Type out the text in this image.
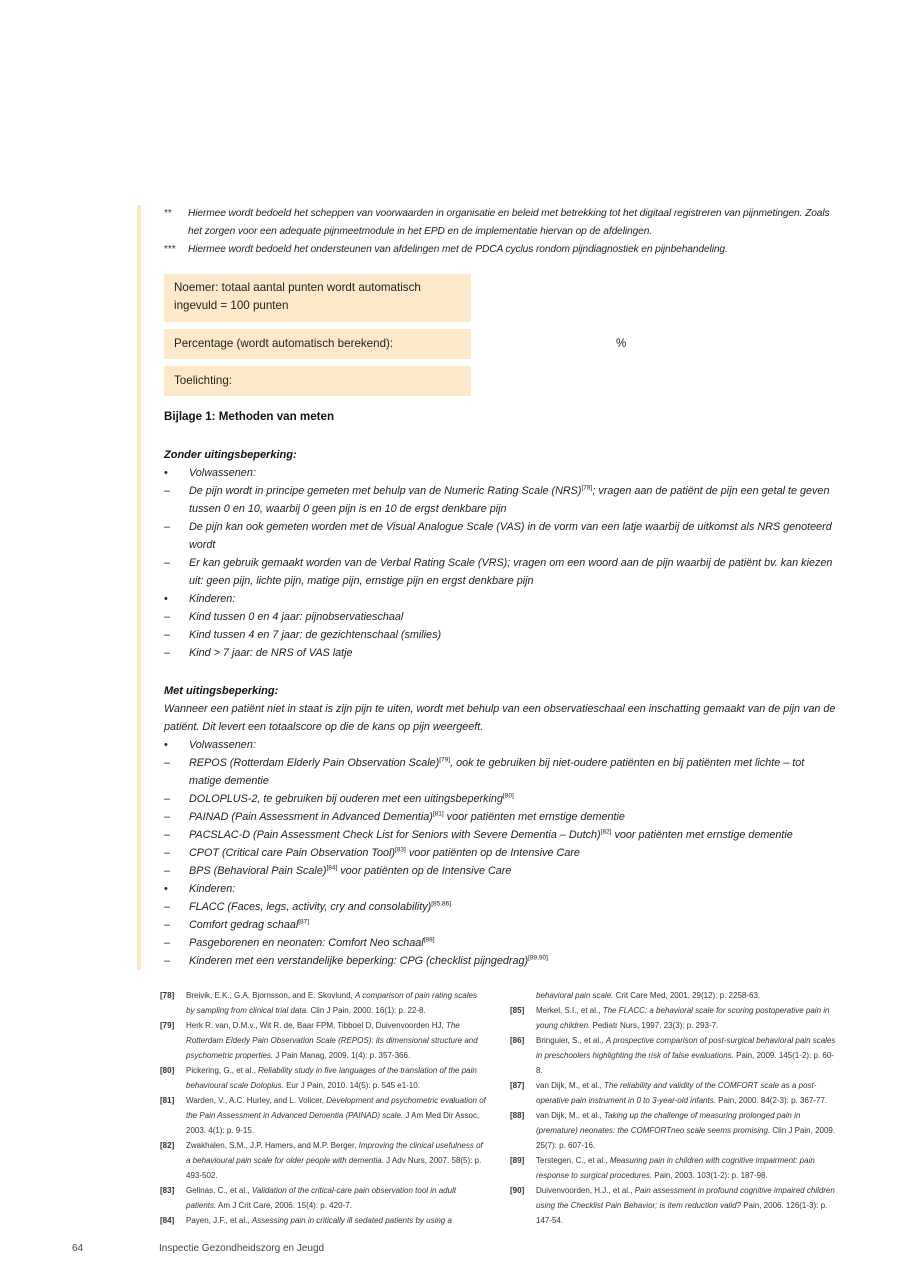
**	Hiermee wordt bedoeld het scheppen van voorwaarden in organisatie en beleid met betrekking tot het digitaal registreren van pijnmetingen. Zoals het zorgen voor een adequate pijnmeetmodule in het EPD en de implementatie hiervan op de afdelingen.
***	Hiermee wordt bedoeld het ondersteunen van afdelingen met de PDCA cyclus rondom pijndiagnostiek en pijnbehandeling.
Noemer: totaal aantal punten wordt automatisch ingevuld = 100 punten
Percentage (wordt automatisch berekend):	%
Toelichting:
Bijlage 1: Methoden van meten
Zonder uitingsbeperking:
•	Volwassenen:
–	De pijn wordt in principe gemeten met behulp van de Numeric Rating Scale (NRS)[78]; vragen aan de patiënt de pijn een getal te geven tussen 0 en 10, waarbij 0 geen pijn is en 10 de ergst denkbare pijn
–	De pijn kan ook gemeten worden met de Visual Analogue Scale (VAS) in de vorm van een latje waarbij de uitkomst als NRS genoteerd wordt
–	Er kan gebruik gemaakt worden van de Verbal Rating Scale (VRS); vragen om een woord aan de pijn waarbij de patiënt bv. kan kiezen uit: geen pijn, lichte pijn, matige pijn, ernstige pijn en ergst denkbare pijn
•	Kinderen:
–	Kind tussen 0 en 4 jaar: pijnobservatieschaal
–	Kind tussen 4 en 7 jaar: de gezichtenschaal (smilies)
–	Kind > 7 jaar: de NRS of VAS latje
Met uitingsbeperking:
Wanneer een patiënt niet in staat is zijn pijn te uiten, wordt met behulp van een observatieschaal een inschatting gemaakt van de pijn van de patiënt. Dit levert een totaalscore op die de kans op pijn weergeeft.
•	Volwassenen:
–	REPOS (Rotterdam Elderly Pain Observation Scale)[79], ook te gebruiken bij niet-oudere patiënten en bij patiënten met lichte – tot matige dementie
–	DOLOPLUS-2, te gebruiken bij ouderen met een uitingsbeperking[80]
–	PAINAD (Pain Assessment in Advanced Dementia)[81] voor patiënten met ernstige dementie
–	PACSLAC-D (Pain Assessment Check List for Seniors with Severe Dementia – Dutch)[82] voor patiënten met ernstige dementie
–	CPOT (Critical care Pain Observation Tool)[83] voor patiënten op de Intensive Care
–	BPS (Behavioral Pain Scale)[84] voor patiënten op de Intensive Care
•	Kinderen:
–	FLACC (Faces, legs, activity, cry and consolability)[85,86]
–	Comfort gedrag schaal[87]
–	Pasgeborenen en neonaten: Comfort Neo schaal[88]
–	Kinderen met een verstandelijke beperking: CPG (checklist pijngedrag)[89,90]
[78]	Breivik, E.K., G.A. Bjornsson, and E. Skovlund, A comparison of pain rating scales by sampling from clinical trial data. Clin J Pain, 2000. 16(1): p. 22-8.
[79]	Herk R. van, D.M.v., Wit R. de, Baar FPM, Tibboel D, Duivenvoorden HJ, The Rotterdam Elderly Pain Observation Scale (REPOS): its dimensional structure and psychometric properties. J Pain Manag, 2009. 1(4): p. 357-366.
[80]	Pickering, G., et al., Reliability study in five languages of the translation of the pain behavioural scale Doloplus. Eur J Pain, 2010. 14(5): p. 545 e1-10.
[81]	Warden, V., A.C. Hurley, and L. Volicer, Development and psychometric evaluation of the Pain Assessment in Advanced Dementia (PAINAD) scale. J Am Med Dir Assoc, 2003. 4(1): p. 9-15.
[82]	Zwakhalen, S.M., J.P. Hamers, and M.P. Berger, Improving the clinical usefulness of a behavioural pain scale for older people with dementia. J Adv Nurs, 2007. 58(5): p. 493-502.
[83]	Gelinas, C., et al., Validation of the critical-care pain observation tool in adult patients. Am J Crit Care, 2006. 15(4): p. 420-7.
[84]	Payen, J.F., et al., Assessing pain in critically ill sedated patients by using a
behavioral pain scale. Crit Care Med, 2001. 29(12): p. 2258-63.
[85]	Merkel, S.I., et al., The FLACC: a behavioral scale for scoring postoperative pain in young children. Pediatr Nurs, 1997. 23(3): p. 293-7.
[86]	Bringuier, S., et al., A prospective comparison of post-surgical behavioral pain scales in preschoolers highlighting the risk of false evaluations. Pain, 2009. 145(1-2): p. 60-8.
[87]	van Dijk, M., et al., The reliability and validity of the COMFORT scale as a post-operative pain instrument in 0 to 3-year-old infants. Pain, 2000. 84(2-3): p. 367-77.
[88]	van Dijk, M., et al., Taking up the challenge of measuring prolonged pain in (premature) neonates: the COMFORTneo scale seems promising. Clin J Pain, 2009. 25(7): p. 607-16.
[89]	Terstegen, C., et al., Measuring pain in children with cognitive impairment: pain response to surgical procedures. Pain, 2003. 103(1-2): p. 187-98.
[90]	Duivenvoorden, H.J., et al., Pain assessment in profound cognitive impaired children using the Checklist Pain Behavior; is item reduction valid? Pain, 2006. 126(1-3): p. 147-54.
64	Inspectie Gezondheidszorg en Jeugd
